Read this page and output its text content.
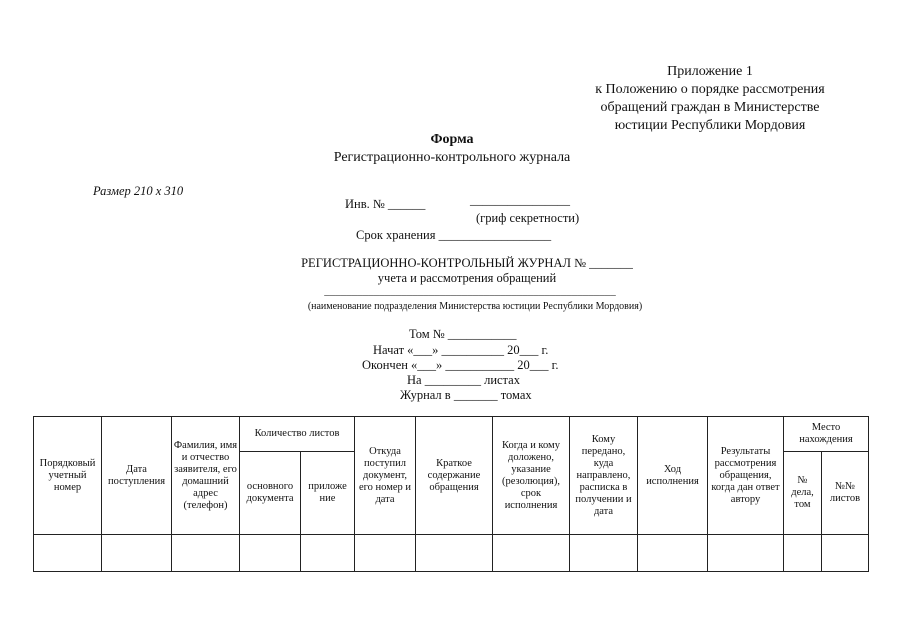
Приложение 1
к Положению о порядке рассмотрения
обращений граждан в Министерстве
юстиции Республики Мордовия
Форма
Регистрационно-контрольного журнала
Размер 210 х 310
Инв. № ______	________________
(гриф секретности)
Срок хранения __________________
РЕГИСТРАЦИОННО-КОНТРОЛЬНЫЙ ЖУРНАЛ № _______
учета и рассмотрения обращений
_____________________________________________________
(наименование подразделения Министерства юстиции Республики Мордовия)
Том № ___________
Начат «___» __________ 20___ г.
Окончен «___» ___________ 20___ г.
На _________ листах
Журнал в _______ томах
Порядковый учетный номер	Дата поступления	Фамилия, имя и отчество заявителя, его домашний адрес (телефон)	Количество листов		Откуда поступил документ, его номер и дата	Краткое содержание обращения	Когда и кому доложено, указание (резолюция), срок исполнения	Кому передано, куда направлено, расписка в получении и дата	Ход исполнения	Результаты рассмотрения обращения, когда дан ответ автору	Место нахождения	
			основного документа	приложе ние							№ дела, том	№№ листов
